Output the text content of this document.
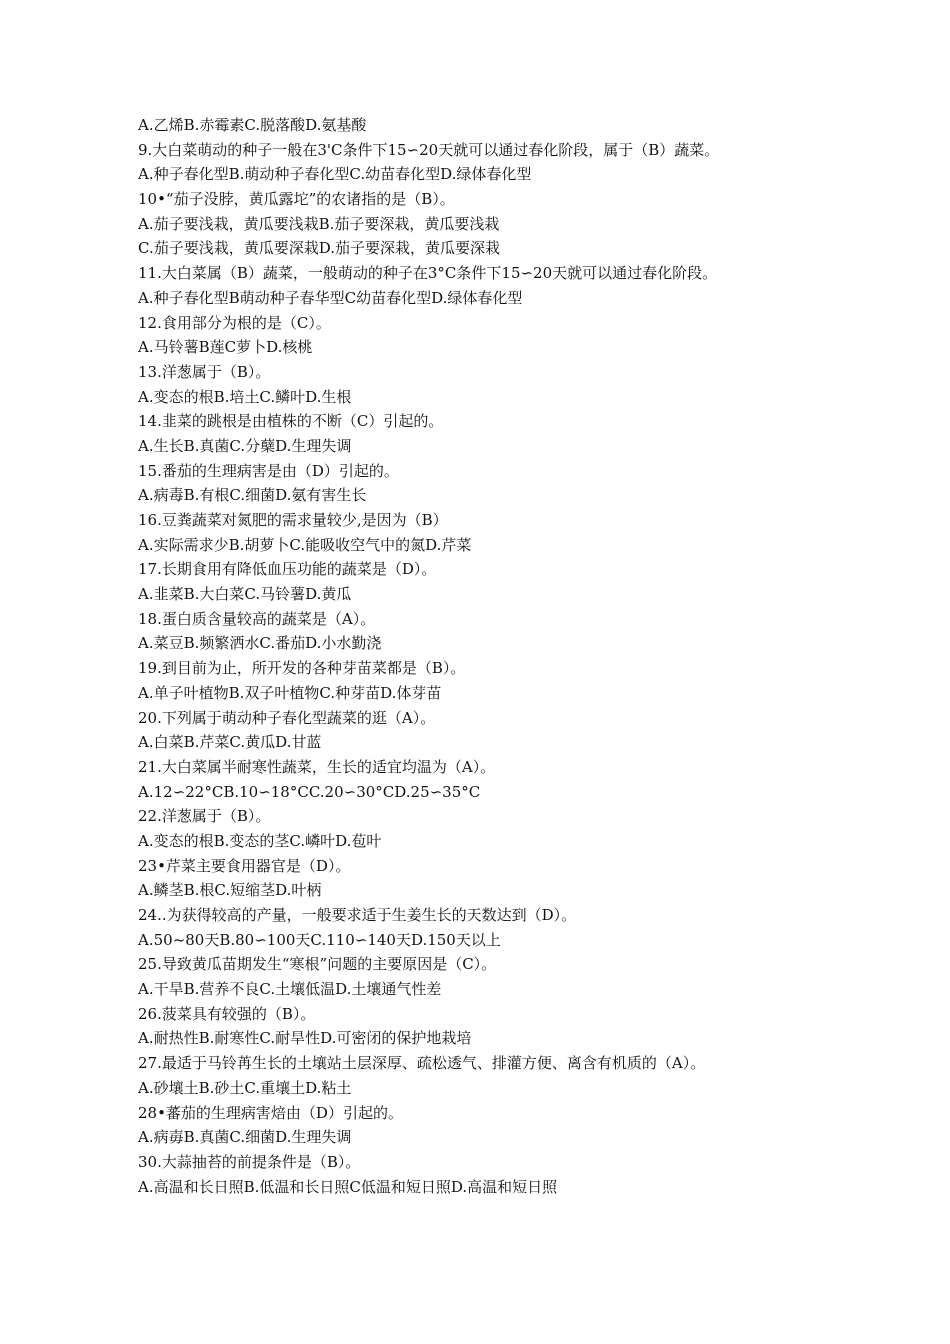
A.乙烯B.赤霉素C.脱落酸D.氨基酸
9.大白菜萌动的种子一般在3'C条件下15∽20天就可以通过春化阶段，属于（B）蔬菜。
A.种子春化型B.萌动种子春化型C.幼苗春化型D.绿体春化型
10•“茄子没脖，黄瓜露坨”的农诸指的是（B）。
A.茄子要浅栽，黄瓜要浅栽B.茄子要深栽，黄瓜要浅栽
C.茄子要浅栽，黄瓜要深栽D.茄子要深栽，黄瓜要深栽
11.大白菜属（B）蔬菜，一般萌动的种子在3°C条件下15∽20天就可以通过春化阶段。
A.种子春化型B萌动种子春华型C幼苗春化型D.绿体春化型
12.食用部分为根的是（C）。
A.马铃薯B莲C萝卜D.核桃
13.洋葱属于（B）。
A.变态的根B.培土C.鳞叶D.生根
14.韭菜的跳根是由植株的不断（C）引起的。
A.生长B.真菌C.分蘖D.生理失调
15.番茄的生理病害是由（D）引起的。
A.病毒B.有根C.细菌D.氨有害生长
16.豆粪蔬菜对氮肥的需求量较少,是因为（B）
A.实际需求少B.胡萝卜C.能吸收空气中的氮D.芹菜
17.长期食用有降低血压功能的蔬菜是（D）。
A.韭菜B.大白菜C.马铃薯D.黄瓜
18.蛋白质含量较高的蔬菜是（A）。
A.菜豆B.频繁洒水C.番茄D.小水勤浇
19.到目前为止，所开发的各种芽苗菜都是（B）。
A.单子叶植物B.双子叶植物C.种芽苗D.体芽苗
20.下列属于萌动种子春化型蔬菜的逛（A）。
A.白菜B.芹菜C.黄瓜D.甘蓝
21.大白菜属半耐寒性蔬菜，生长的适宜均温为（A）。
A.12∽22°CB.10∽18°CC.20∽30°CD.25∽35°C
22.洋葱属于（B）。
A.变态的根B.变态的茎C.嶙叶D.苞叶
23•芹菜主要食用器官是（D）。
A.鳞茎B.根C.短缩茎D.叶柄
24..为获得较高的产量，一般要求适于生姜生长的天数达到（D）。
A.50~80天B.80∽100天C.110∽140天D.150天以上
25.导致黄瓜苗期发生“寒根”问题的主要原因是（C）。
A.干旱B.营养不良C.土壤低温D.土壤通气性差
26.菠菜具有较强的（B）。
A.耐热性B.耐寒性C.耐旱性D.可密闭的保护地栽培
27.最适于马铃苒生长的土壤站土层深厚、疏松透气、排灌方便、离含有机质的（A）。
A.砂壤土B.砂土C.重壤土D.粘土
28•蕃茄的生理病害焙由（D）引起的。
A.病毐B.真菌C.细菌D.生理失调
30.大蒜抽苔的前提条件是（B）。
A.高温和长日照B.低温和长日照C低温和短日照D.高温和短日照
